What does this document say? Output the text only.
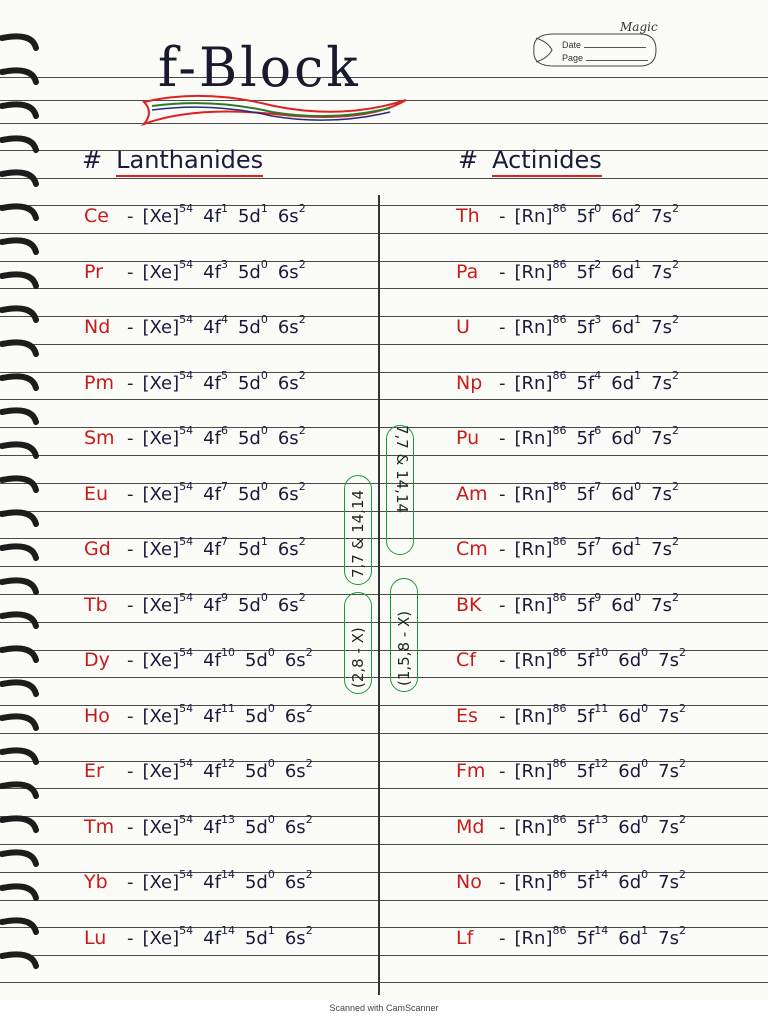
Magic
Date
Page
f-Block
# Lanthanides	# Actinides
Ce	- $[Xe]^{54}$ $4f^1$ $5d^1$ $6s^2$
Pr	- $[Xe]^{54}$ $4f^3$ $5d^0$ $6s^2$
Nd - $[Xe]^{54}$ $4f^4$ $5d^0$ $6s^2$
Pm - $[Xe]^{54}$ $4f^5$ $5d^0$ $6s^2$
Sm - $[Xe]^{54}$ $4f^6$ $5d^0$ $6s^2$
Eu	- $[Xe]^{54}$ $4f^7$ $5d^0$ $6s^2$
Gd - $[Xe]^{54}$ $4f^7$ $5d^1$ $6s^2$
Tb	- $[Xe]^{54}$ $4f^9$ $5d^0$ $6s^2$
Dy - $[Xe]^{54}$ $4f^{10}$ $5d^0$ $6s^2$
Ho - $[Xe]^{54}$ $4f^{11}$ $5d^0$ $6s^2$
Er	- $[Xe]^{54}$ $4f^{12}$ $5d^0$ $6s^2$
Tm - $[Xe]^{54}$ $4f^{13}$ $5d^0$ $6s^2$
Yb	- $[Xe]^{54}$ $4f^{14}$ $5d^0$ $6s^2$
Lu	- $[Xe]^{54}$ $4f^{14}$ $5d^1$ $6s^2$
Th	- $[Rn]^{86}$ $5f^0$ $6d^2$ $7s^2$
Pa	- $[Rn]^{86}$ $5f^2$ $6d^1$ $7s^2$
U	- $[Rn]^{86}$ $5f^3$ $6d^1$ $7s^2$
Np - $[Rn]^{86}$ $5f^4$ $6d^1$ $7s^2$
Pu	- $[Rn]^{86}$ $5f^6$ $6d^0$ $7s^2$
Am - $[Rn]^{86}$ $5f^7$ $6d^0$ $7s^2$
Cm - $[Rn]^{86}$ $5f^7$ $6d^1$ $7s^2$
BK - $[Rn]^{86}$ $5f^9$ $6d^0$ $7s^2$
Cf	- $[Rn]^{86}$ $5f^{10}$ $6d^0$ $7s^2$
Es	- $[Rn]^{86}$ $5f^{11}$ $6d^0$ $7s^2$
Fm - $[Rn]^{86}$ $5f^{12}$ $6d^0$ $7s^2$
Md - $[Rn]^{86}$ $5f^{13}$ $6d^0$ $7s^2$
No - $[Rn]^{86}$ $5f^{14}$ $6d^0$ $7s^2$
Lf	- $[Rn]^{86}$ $5f^{14}$ $6d^1$ $7s^2$
7,7 & 14,14
(2,8 - X)
7,7 & 14,14
(1,5,8 - X)
Scanned with CamScanner
